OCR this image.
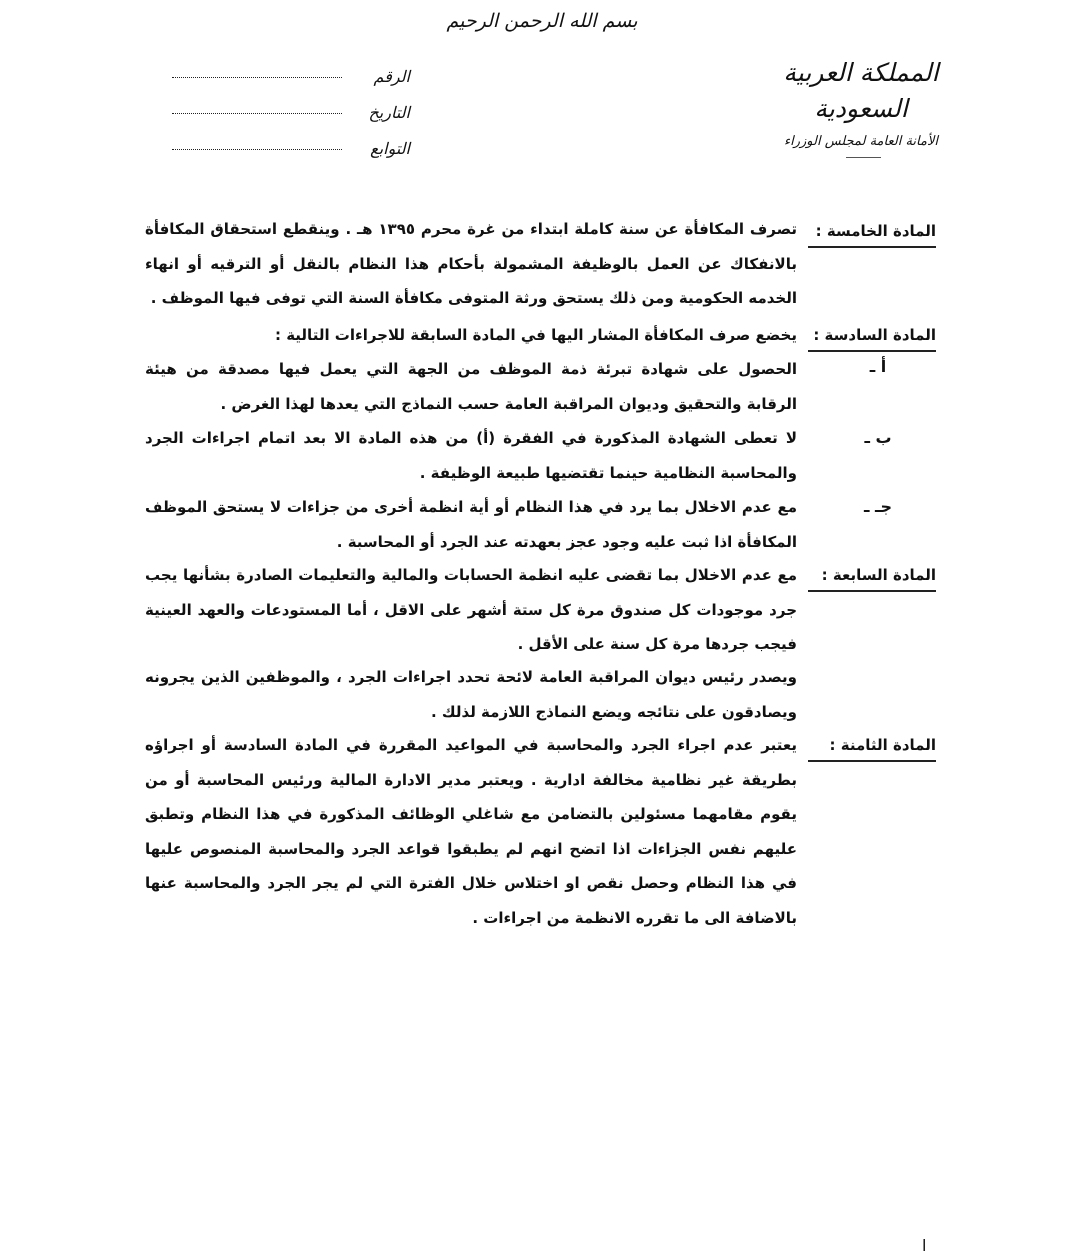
بسم الله الرحمن الرحيم
المملكة العربية السعودية
الأمانة العامة لمجلس الوزراء
الرقم
التاريخ
التوابع
المادة الخامسة :
تصرف المكافأة عن سنة كاملة ابتداء من غرة محرم ١٣٩٥ هـ . وينقطع استحقاق المكافأة بالانفكاك عن العمل بالوظيفة المشمولة بأحكام هذا النظام بالنقل أو الترقيه أو انهاء الخدمه الحكومية ومن ذلك يستحق ورثة المتوفى مكافأة السنة التي توفى فيها الموظف .
المادة السادسة :
يخضع صرف المكافأة المشار اليها في المادة السابقة للاجراءات التالية :
أ ـ
الحصول على شهادة تبرئة ذمة الموظف من الجهة التي يعمل فيها مصدقة من هيئة الرقابة والتحقيق وديوان المراقبة العامة حسب النماذج التي يعدها لهذا الغرض .
ب ـ
لا تعطى الشهادة المذكورة في الفقرة (أ) من هذه المادة الا بعد اتمام اجراءات الجرد والمحاسبة النظامية حينما تقتضيها طبيعة الوظيفة .
جـ ـ
مع عدم الاخلال بما يرد في هذا النظام أو أية انظمة أخرى من جزاءات لا يستحق الموظف المكافأة اذا ثبت عليه وجود عجز بعهدته عند الجرد أو المحاسبة .
المادة السابعة :
مع عدم الاخلال بما تقضى عليه انظمة الحسابات والمالية والتعليمات الصادرة بشأنها يجب جرد موجودات كل صندوق مرة كل ستة أشهر على الاقل ، أما المستودعات والعهد العينية فيجب جردها مرة كل سنة على الأقل .
ويصدر رئيس ديوان المراقبة العامة لائحة تحدد اجراءات الجرد ، والموظفين الذين يجرونه ويصادقون على نتائجه ويضع النماذج اللازمة لذلك .
المادة الثامنة :
يعتبر عدم اجراء الجرد والمحاسبة في المواعيد المقررة في المادة السادسة أو اجراؤه بطريقة غير نظامية مخالفة ادارية . ويعتبر مدير الادارة المالية ورئيس المحاسبة أو من يقوم مقامهما مسئولين بالتضامن مع شاغلي الوظائف المذكورة في هذا النظام وتطبق عليهم نفس الجزاءات اذا اتضح انهم لم يطبقوا قواعد الجرد والمحاسبة المنصوص عليها في هذا النظام وحصل نقص او اختلاس خلال الفترة التي لم يجر الجرد والمحاسبة عنها بالاضافة الى ما تقرره الانظمة من اجراءات .
ا
